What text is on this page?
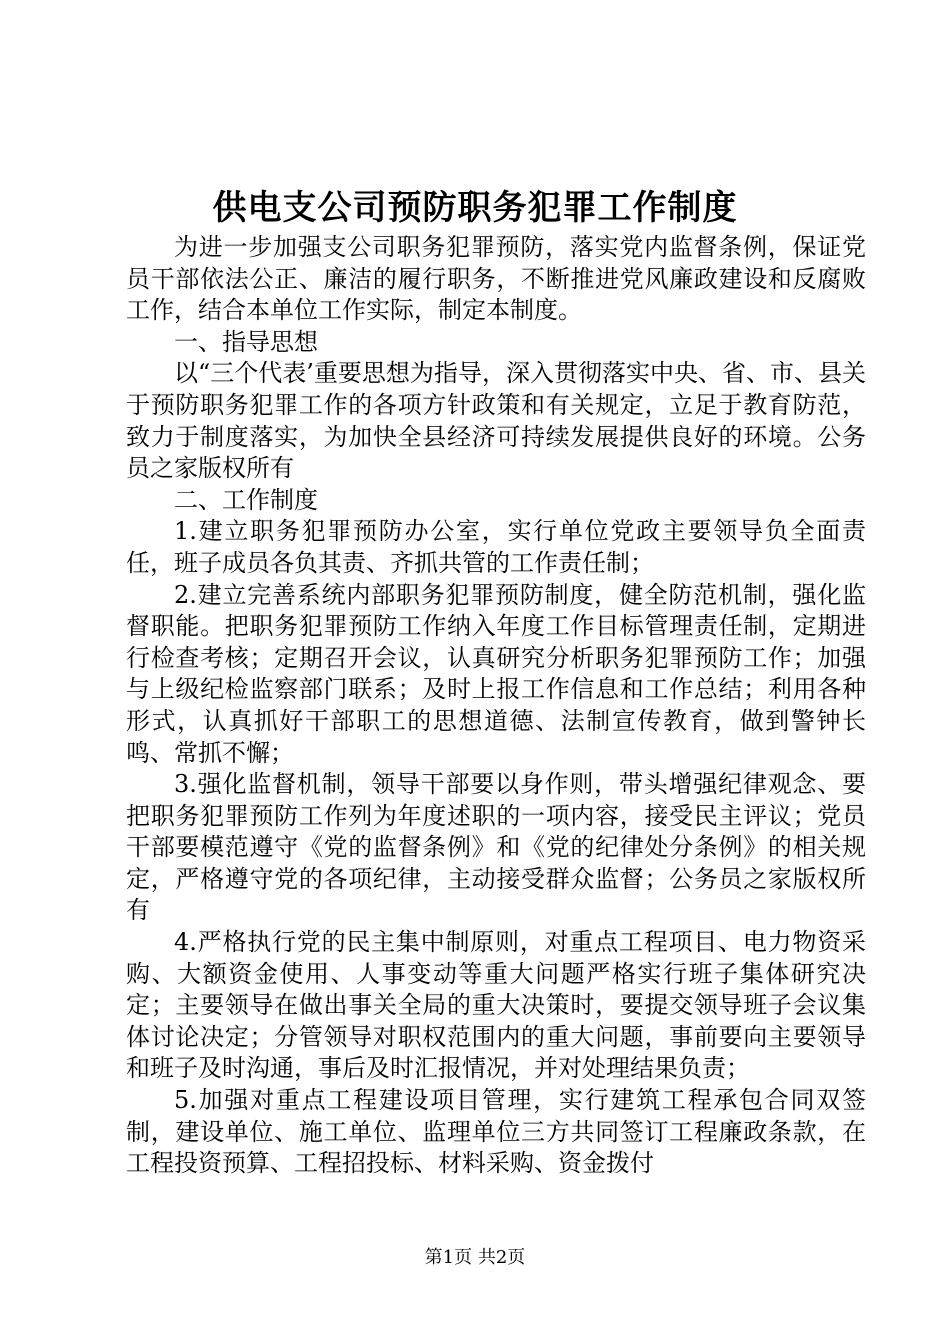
供电支公司预防职务犯罪工作制度

为进一步加强支公司职务犯罪预防，落实党内监督条例，保证党员干部依法公正、廉洁的履行职务，不断推进党风廉政建设和反腐败工作，结合本单位工作实际，制定本制度。

一、指导思想

以“三个代表’重要思想为指导，深入贯彻落实中央、省、市、县关于预防职务犯罪工作的各项方针政策和有关规定，立足于教育防范，致力于制度落实，为加快全县经济可持续发展提供良好的环境。公务员之家版权所有

二、工作制度

1.建立职务犯罪预防办公室，实行单位党政主要领导负全面责任，班子成员各负其责、齐抓共管的工作责任制；

2.建立完善系统内部职务犯罪预防制度，健全防范机制，强化监督职能。把职务犯罪预防工作纳入年度工作目标管理责任制，定期进行检查考核；定期召开会议，认真研究分析职务犯罪预防工作；加强与上级纪检监察部门联系；及时上报工作信息和工作总结；利用各种形式，认真抓好干部职工的思想道德、法制宣传教育，做到警钟长鸣、常抓不懈；

3.强化监督机制，领导干部要以身作则，带头增强纪律观念、要把职务犯罪预防工作列为年度述职的一项内容，接受民主评议；党员干部要模范遵守《党的监督条例》和《党的纪律处分条例》的相关规定，严格遵守党的各项纪律，主动接受群众监督；公务员之家版权所有

4.严格执行党的民主集中制原则，对重点工程项目、电力物资采购、大额资金使用、人事变动等重大问题严格实行班子集体研究决定；主要领导在做出事关全局的重大决策时，要提交领导班子会议集体讨论决定；分管领导对职权范围内的重大问题，事前要向主要领导和班子及时沟通，事后及时汇报情况，并对处理结果负责；

5.加强对重点工程建设项目管理，实行建筑工程承包合同双签制，建设单位、施工单位、监理单位三方共同签订工程廉政条款，在工程投资预算、工程招投标、材料采购、资金拨付

第1页 共2页
